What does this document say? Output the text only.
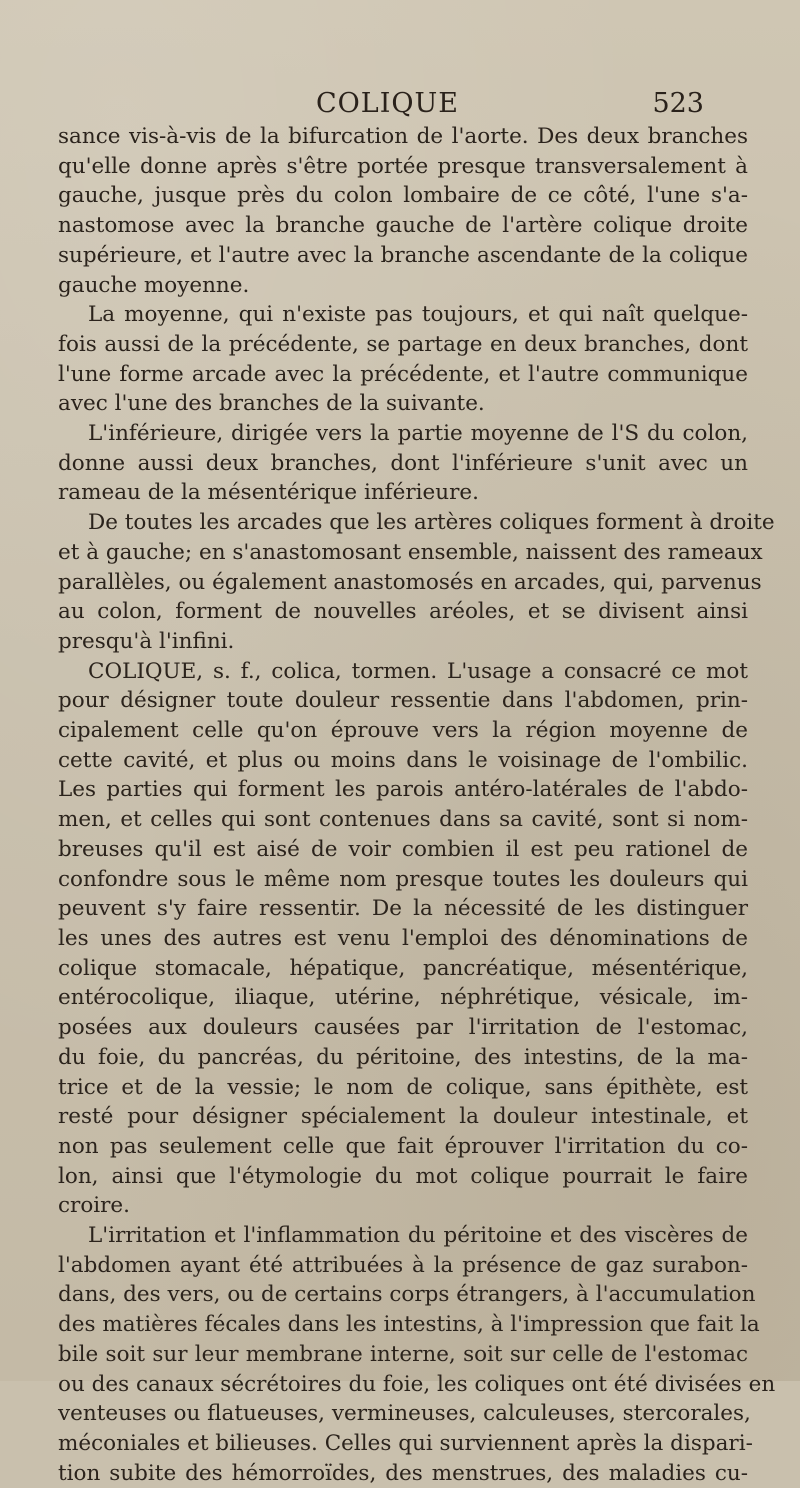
COLIQUE	523
sance vis-à-vis de la bifurcation de l'aorte. Des deux branches
qu'elle donne après s'être portée presque transversalement à
gauche, jusque près du colon lombaire de ce côté, l'une s'a-
nastomose avec la branche gauche de l'artère colique droite
supérieure, et l'autre avec la branche ascendante de la colique
gauche moyenne.
La moyenne, qui n'existe pas toujours, et qui naît quelque-
fois aussi de la précédente, se partage en deux branches, dont
l'une forme arcade avec la précédente, et l'autre communique
avec l'une des branches de la suivante.
L'inférieure, dirigée vers la partie moyenne de l'S du colon,
donne aussi deux branches, dont l'inférieure s'unit avec un
rameau de la mésentérique inférieure.
De toutes les arcades que les artères coliques forment à droite
et à gauche; en s'anastomosant ensemble, naissent des rameaux
parallèles, ou également anastomosés en arcades, qui, parvenus
au colon, forment de nouvelles aréoles, et se divisent ainsi
presqu'à l'infini.
COLIQUE, s. f., colica, tormen. L'usage a consacré ce mot
pour désigner toute douleur ressentie dans l'abdomen, prin-
cipalement celle qu'on éprouve vers la région moyenne de
cette cavité, et plus ou moins dans le voisinage de l'ombilic.
Les parties qui forment les parois antéro-latérales de l'abdo-
men, et celles qui sont contenues dans sa cavité, sont si nom-
breuses qu'il est aisé de voir combien il est peu rationel de
confondre sous le même nom presque toutes les douleurs qui
peuvent s'y faire ressentir. De la nécessité de les distinguer
les unes des autres est venu l'emploi des dénominations de
colique stomacale, hépatique, pancréatique, mésentérique,
entérocolique, iliaque, utérine, néphrétique, vésicale, im-
posées aux douleurs causées par l'irritation de l'estomac,
du foie, du pancréas, du péritoine, des intestins, de la ma-
trice et de la vessie; le nom de colique, sans épithète, est
resté pour désigner spécialement la douleur intestinale, et
non pas seulement celle que fait éprouver l'irritation du co-
lon, ainsi que l'étymologie du mot colique pourrait le faire
croire.
L'irritation et l'inflammation du péritoine et des viscères de
l'abdomen ayant été attribuées à la présence de gaz surabon-
dans, des vers, ou de certains corps étrangers, à l'accumulation
des matières fécales dans les intestins, à l'impression que fait la
bile soit sur leur membrane interne, soit sur celle de l'estomac
ou des canaux sécrétoires du foie, les coliques ont été divisées en
venteuses ou flatueuses, vermineuses, calculeuses, stercorales,
méconiales et bilieuses. Celles qui surviennent après la dispari-
tion subite des hémorroïdes, des menstrues, des maladies cu-
